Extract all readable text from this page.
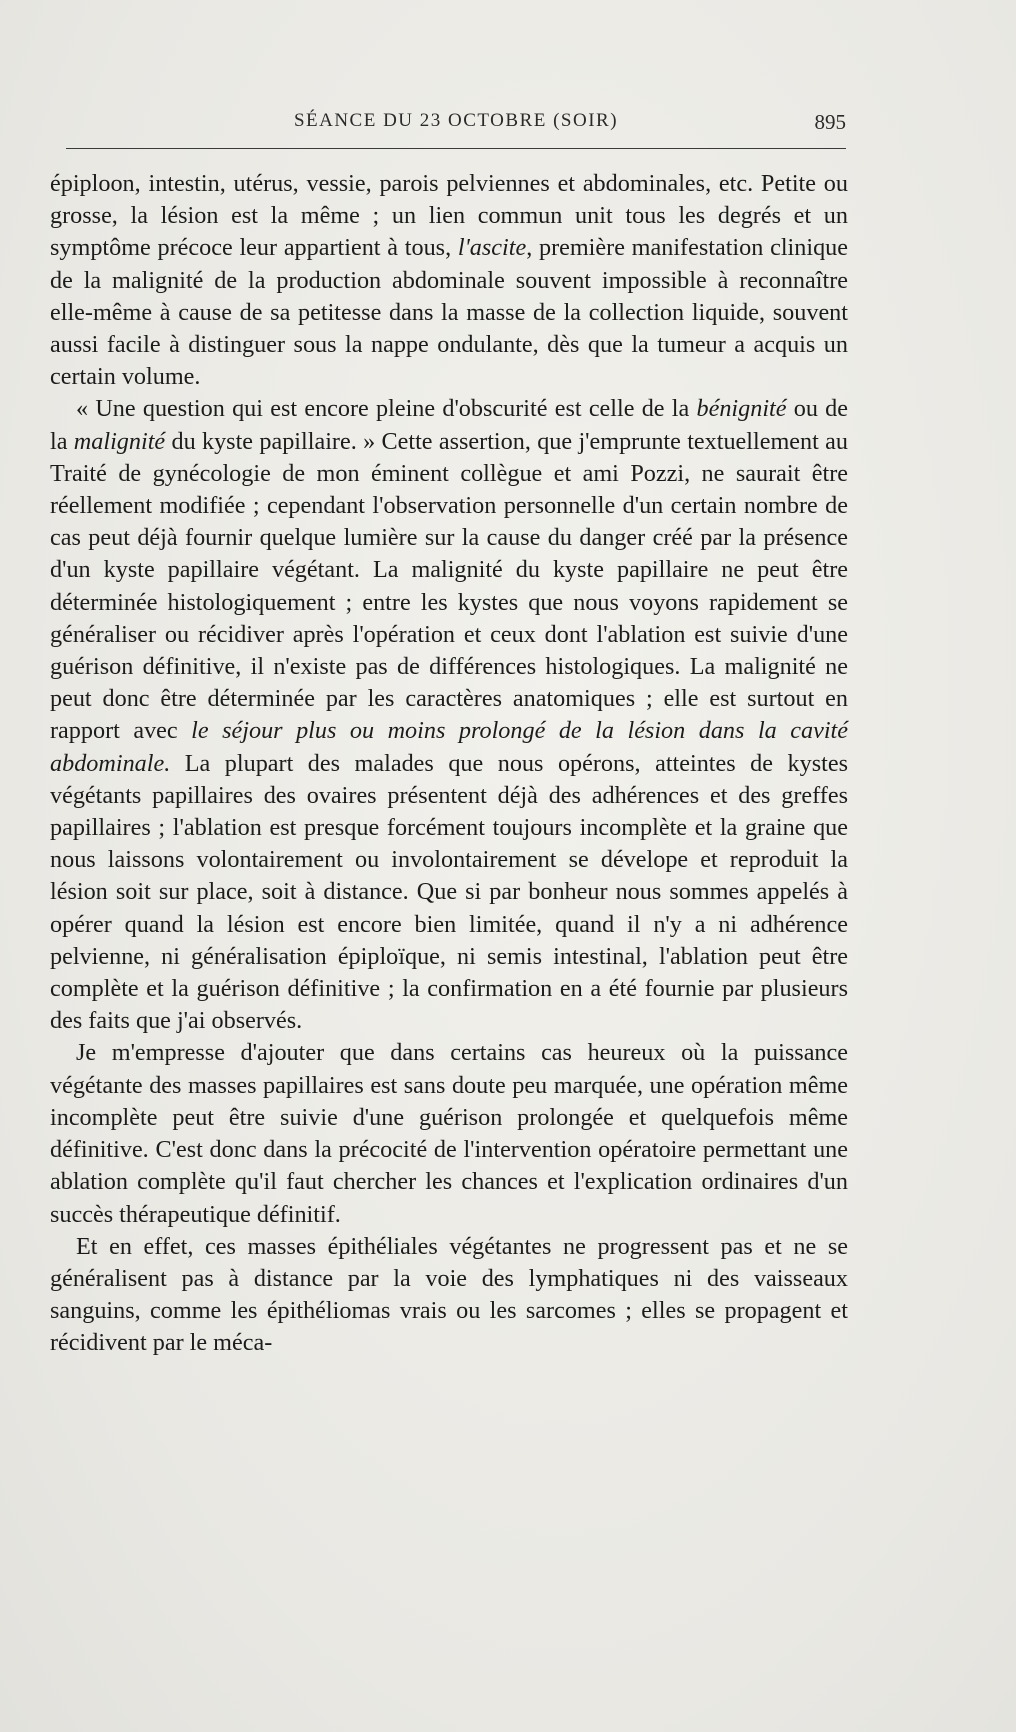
SÉANCE DU 23 OCTOBRE (SOIR)	895

épiploon, intestin, utérus, vessie, parois pelviennes et abdominales, etc. Petite ou grosse, la lésion est la même ; un lien commun unit tous les degrés et un symptôme précoce leur appartient à tous, l'ascite, première manifestation clinique de la malignité de la production abdominale souvent impossible à reconnaître elle-même à cause de sa petitesse dans la masse de la collection liquide, souvent aussi facile à distinguer sous la nappe ondulante, dès que la tumeur a acquis un certain volume.

« Une question qui est encore pleine d'obscurité est celle de la bénignité ou de la malignité du kyste papillaire. » Cette assertion, que j'emprunte textuellement au Traité de gynécologie de mon éminent collègue et ami Pozzi, ne saurait être réellement modifiée ; cependant l'observation personnelle d'un certain nombre de cas peut déjà fournir quelque lumière sur la cause du danger créé par la présence d'un kyste papillaire végétant. La malignité du kyste papillaire ne peut être déterminée histologiquement ; entre les kystes que nous voyons rapidement se généraliser ou récidiver après l'opération et ceux dont l'ablation est suivie d'une guérison définitive, il n'existe pas de différences histologiques. La malignité ne peut donc être déterminée par les caractères anatomiques ; elle est surtout en rapport avec le séjour plus ou moins prolongé de la lésion dans la cavité abdominale. La plupart des malades que nous opérons, atteintes de kystes végétants papillaires des ovaires présentent déjà des adhérences et des greffes papillaires ; l'ablation est presque forcément toujours incomplète et la graine que nous laissons volontairement ou involontairement se dévelope et reproduit la lésion soit sur place, soit à distance. Que si par bonheur nous sommes appelés à opérer quand la lésion est encore bien limitée, quand il n'y a ni adhérence pelvienne, ni généralisation épiploïque, ni semis intestinal, l'ablation peut être complète et la guérison définitive ; la confirmation en a été fournie par plusieurs des faits que j'ai observés.

Je m'empresse d'ajouter que dans certains cas heureux où la puissance végétante des masses papillaires est sans doute peu marquée, une opération même incomplète peut être suivie d'une guérison prolongée et quelquefois même définitive. C'est donc dans la précocité de l'intervention opératoire permettant une ablation complète qu'il faut chercher les chances et l'explication ordinaires d'un succès thérapeutique définitif.

Et en effet, ces masses épithéliales végétantes ne progressent pas et ne se généralisent pas à distance par la voie des lymphatiques ni des vaisseaux sanguins, comme les épithéliomas vrais ou les sarcomes ; elles se propagent et récidivent par le méca-
